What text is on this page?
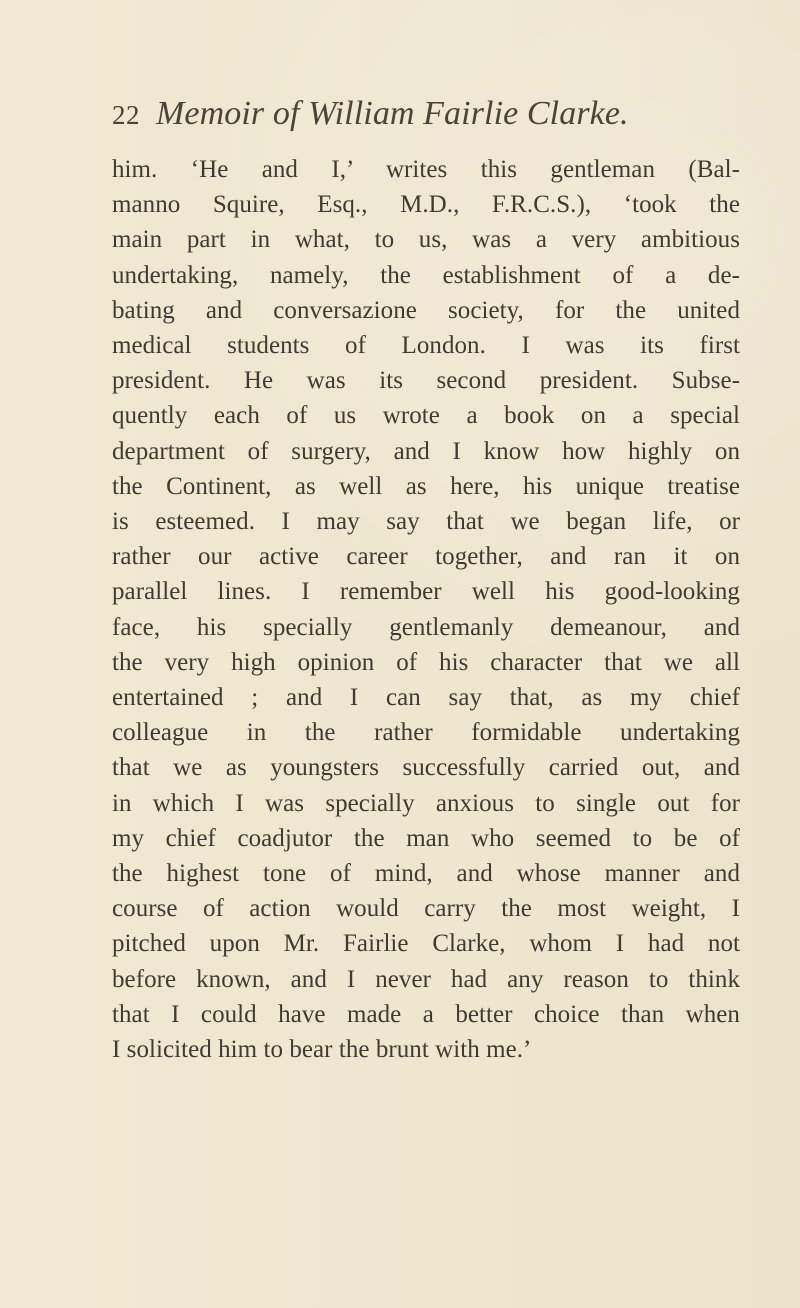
22 Memoir of William Fairlie Clarke.
him. ‘He and I,’ writes this gentleman (Bal-
manno Squire, Esq., M.D., F.R.C.S.), ‘took the
main part in what, to us, was a very ambitious
undertaking, namely, the establishment of a de-
bating and conversazione society, for the united
medical students of London. I was its first
president. He was its second president. Subse-
quently each of us wrote a book on a special
department of surgery, and I know how highly on
the Continent, as well as here, his unique treatise
is esteemed. I may say that we began life, or
rather our active career together, and ran it on
parallel lines. I remember well his good-looking
face, his specially gentlemanly demeanour, and
the very high opinion of his character that we all
entertained ; and I can say that, as my chief
colleague in the rather formidable undertaking
that we as youngsters successfully carried out, and
in which I was specially anxious to single out for
my chief coadjutor the man who seemed to be of
the highest tone of mind, and whose manner and
course of action would carry the most weight, I
pitched upon Mr. Fairlie Clarke, whom I had not
before known, and I never had any reason to think
that I could have made a better choice than when
I solicited him to bear the brunt with me.’
